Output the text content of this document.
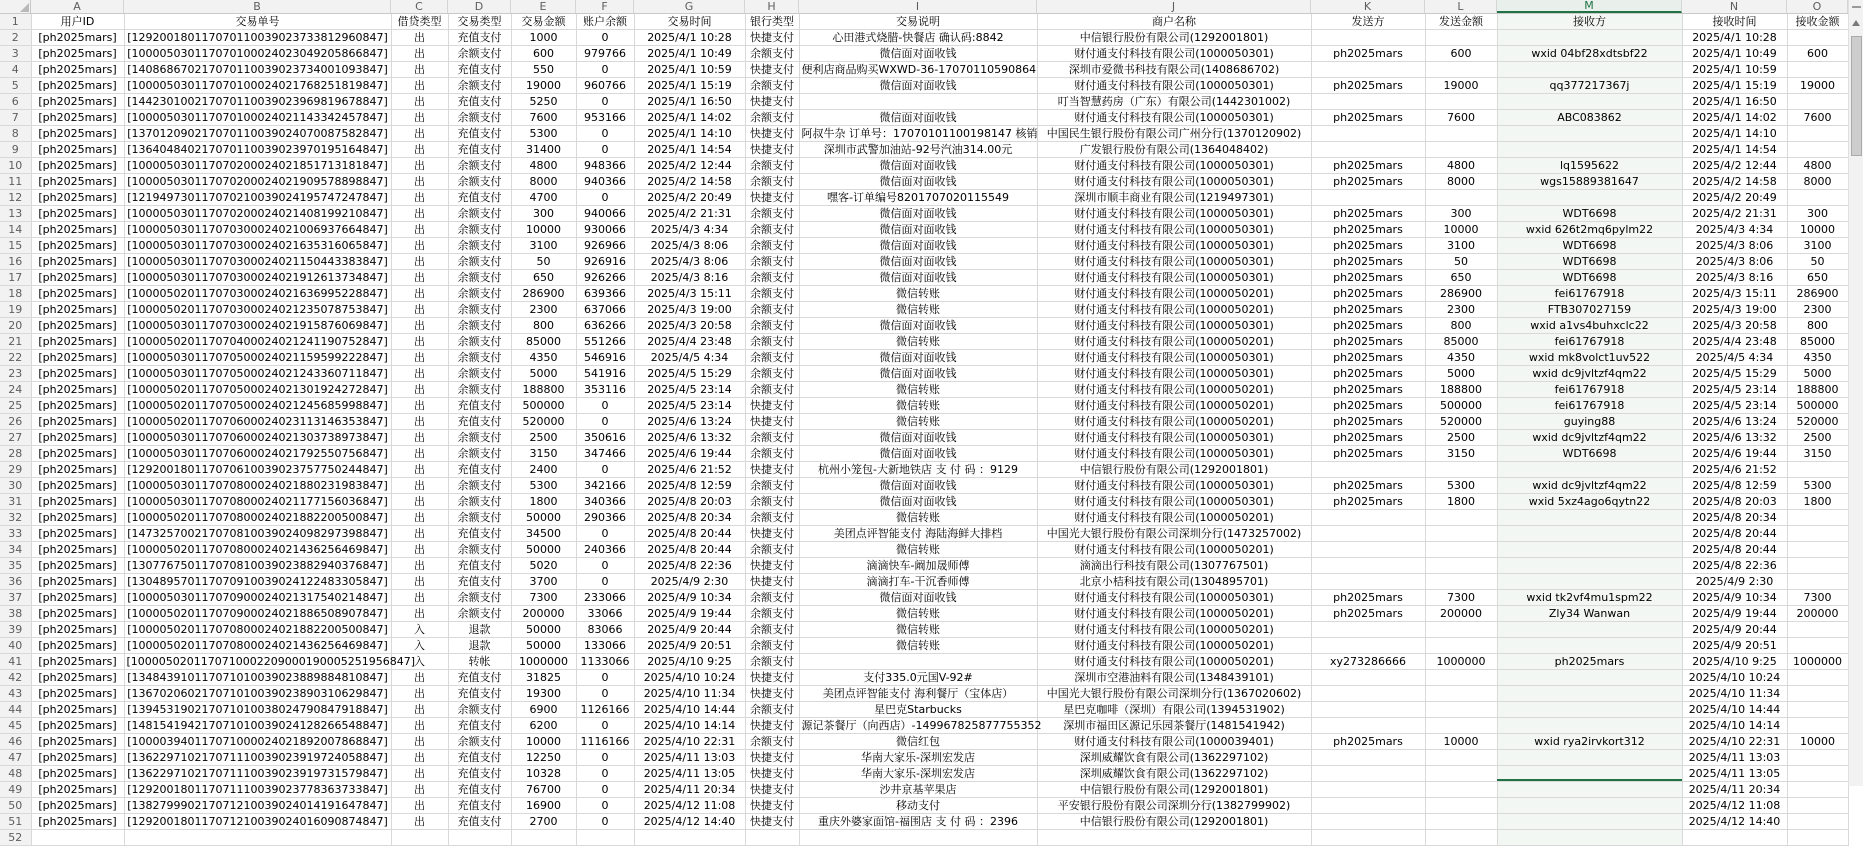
A	B	C	D	E	F	G	H	I	J	K	L	M	N	O
1	用户ID	交易单号	借贷类型	交易类型	交易金额	账户余额	交易时间	银行类型	交易说明	商户名称	发送方	发送金额	接收方	接收时间	接收金额
2	[ph2025mars]	[129200180117070110039023733812960847]	出	充值支付	1000	0	2025/4/1 10:28	快捷支付	心田港式烧腊-快餐店 确认码:8842	中信银行股份有限公司(1292001801)				2025/4/1 10:28	
3	[ph2025mars]	[100005030117070100024023049205866847]	出	余额支付	600	979766	2025/4/1 10:49	余额支付	微信面对面收钱	财付通支付科技有限公司(1000050301)	ph2025mars	600	wxid 04bf28xdtsbf22	2025/4/1 10:49	600
4	[ph2025mars]	[140868670217070110039023734001093847]	出	充值支付	550	0	2025/4/1 10:59	快捷支付	便利店商品购买WXWD-36-17070110590864	深圳市爱微书科技有限公司(1408686702)				2025/4/1 10:59	
5	[ph2025mars]	[100005030117070100024021768251819847]	出	余额支付	19000	960766	2025/4/1 15:19	余额支付	微信面对面收钱	财付通支付科技有限公司(1000050301)	ph2025mars	19000	qq377217367j	2025/4/1 15:19	19000
6	[ph2025mars]	[144230100217070110039023969819678847]	出	充值支付	5250	0	2025/4/1 16:50	快捷支付		叮当智慧药房（广东）有限公司(1442301002)				2025/4/1 16:50	
7	[ph2025mars]	[100005030117070100024021143342457847]	出	余额支付	7600	953166	2025/4/1 14:02	余额支付	微信面对面收钱	财付通支付科技有限公司(1000050301)	ph2025mars	7600	ABC083862	2025/4/1 14:02	7600
8	[ph2025mars]	[137012090217070110039024070087582847]	出	充值支付	5300	0	2025/4/1 14:10	快捷支付	阿叔牛杂 订单号：17070101100198147 核销	中国民生银行股份有限公司广州分行(1370120902)				2025/4/1 14:10	
9	[ph2025mars]	[136404840217070110039023970195164847]	出	充值支付	31400	0	2025/4/1 14:54	快捷支付	深圳市武警加油站-92号汽油314.00元	广发银行股份有限公司(1364048402)				2025/4/1 14:54	
10	[ph2025mars]	[100005030117070200024021851713181847]	出	余额支付	4800	948366	2025/4/2 12:44	余额支付	微信面对面收钱	财付通支付科技有限公司(1000050301)	ph2025mars	4800	lq1595622	2025/4/2 12:44	4800
11	[ph2025mars]	[100005030117070200024021909578898847]	出	余额支付	8000	940366	2025/4/2 14:58	余额支付	微信面对面收钱	财付通支付科技有限公司(1000050301)	ph2025mars	8000	wgs15889381647	2025/4/2 14:58	8000
12	[ph2025mars]	[121949730117070210039024195747247847]	出	充值支付	4700	0	2025/4/2 20:49	快捷支付	嘿客-订单编号8201707020115549	深圳市顺丰商业有限公司(1219497301)				2025/4/2 20:49	
13	[ph2025mars]	[100005030117070200024021408199210847]	出	余额支付	300	940066	2025/4/2 21:31	余额支付	微信面对面收钱	财付通支付科技有限公司(1000050301)	ph2025mars	300	WDT6698	2025/4/2 21:31	300
14	[ph2025mars]	[100005030117070300024021006937664847]	出	余额支付	10000	930066	2025/4/3 4:34	余额支付	微信面对面收钱	财付通支付科技有限公司(1000050301)	ph2025mars	10000	wxid 626t2mq6pylm22	2025/4/3 4:34	10000
15	[ph2025mars]	[100005030117070300024021635316065847]	出	余额支付	3100	926966	2025/4/3 8:06	余额支付	微信面对面收钱	财付通支付科技有限公司(1000050301)	ph2025mars	3100	WDT6698	2025/4/3 8:06	3100
16	[ph2025mars]	[100005030117070300024021150443383847]	出	余额支付	50	926916	2025/4/3 8:06	余额支付	微信面对面收钱	财付通支付科技有限公司(1000050301)	ph2025mars	50	WDT6698	2025/4/3 8:06	50
17	[ph2025mars]	[100005030117070300024021912613734847]	出	余额支付	650	926266	2025/4/3 8:16	余额支付	微信面对面收钱	财付通支付科技有限公司(1000050301)	ph2025mars	650	WDT6698	2025/4/3 8:16	650
18	[ph2025mars]	[100005020117070300024021636995228847]	出	余额支付	286900	639366	2025/4/3 15:11	余额支付	微信转账	财付通支付科技有限公司(1000050201)	ph2025mars	286900	fei61767918	2025/4/3 15:11	286900
19	[ph2025mars]	[100005020117070300024021235078753847]	出	余额支付	2300	637066	2025/4/3 19:00	余额支付	微信转账	财付通支付科技有限公司(1000050201)	ph2025mars	2300	FTB307027159	2025/4/3 19:00	2300
20	[ph2025mars]	[100005030117070300024021915876069847]	出	余额支付	800	636266	2025/4/3 20:58	余额支付	微信面对面收钱	财付通支付科技有限公司(1000050301)	ph2025mars	800	wxid a1vs4buhxclc22	2025/4/3 20:58	800
21	[ph2025mars]	[100005020117070400024021241190752847]	出	余额支付	85000	551266	2025/4/4 23:48	余额支付	微信转账	财付通支付科技有限公司(1000050201)	ph2025mars	85000	fei61767918	2025/4/4 23:48	85000
22	[ph2025mars]	[100005030117070500024021159599222847]	出	余额支付	4350	546916	2025/4/5 4:34	余额支付	微信面对面收钱	财付通支付科技有限公司(1000050301)	ph2025mars	4350	wxid mk8volct1uv522	2025/4/5 4:34	4350
23	[ph2025mars]	[100005030117070500024021243360711847]	出	余额支付	5000	541916	2025/4/5 15:29	余额支付	微信面对面收钱	财付通支付科技有限公司(1000050301)	ph2025mars	5000	wxid dc9jvltzf4qm22	2025/4/5 15:29	5000
24	[ph2025mars]	[100005020117070500024021301924272847]	出	余额支付	188800	353116	2025/4/5 23:14	余额支付	微信转账	财付通支付科技有限公司(1000050201)	ph2025mars	188800	fei61767918	2025/4/5 23:14	188800
25	[ph2025mars]	[100005020117070500024021245685998847]	出	充值支付	500000	0	2025/4/5 23:14	快捷支付	微信转账	财付通支付科技有限公司(1000050201)	ph2025mars	500000	fei61767918	2025/4/5 23:14	500000
26	[ph2025mars]	[100005020117070600024023113146353847]	出	充值支付	520000	0	2025/4/6 13:24	快捷支付	微信转账	财付通支付科技有限公司(1000050201)	ph2025mars	520000	guying88	2025/4/6 13:24	520000
27	[ph2025mars]	[100005030117070600024021303738973847]	出	余额支付	2500	350616	2025/4/6 13:32	余额支付	微信面对面收钱	财付通支付科技有限公司(1000050301)	ph2025mars	2500	wxid dc9jvltzf4qm22	2025/4/6 13:32	2500
28	[ph2025mars]	[100005030117070600024021792550756847]	出	余额支付	3150	347466	2025/4/6 19:44	余额支付	微信面对面收钱	财付通支付科技有限公司(1000050301)	ph2025mars	3150	WDT6698	2025/4/6 19:44	3150
29	[ph2025mars]	[129200180117070610039023757750244847]	出	充值支付	2400	0	2025/4/6 21:52	快捷支付	杭州小笼包-大新地铁店 支 付 码 ：9129	中信银行股份有限公司(1292001801)				2025/4/6 21:52	
30	[ph2025mars]	[100005030117070800024021880231983847]	出	余额支付	5300	342166	2025/4/8 12:59	余额支付	微信面对面收钱	财付通支付科技有限公司(1000050301)	ph2025mars	5300	wxid dc9jvltzf4qm22	2025/4/8 12:59	5300
31	[ph2025mars]	[100005030117070800024021177156036847]	出	余额支付	1800	340366	2025/4/8 20:03	余额支付	微信面对面收钱	财付通支付科技有限公司(1000050301)	ph2025mars	1800	wxid 5xz4ago6qytn22	2025/4/8 20:03	1800
32	[ph2025mars]	[100005020117070800024021882200500847]	出	余额支付	50000	290366	2025/4/8 20:34	余额支付	微信转账	财付通支付科技有限公司(1000050201)				2025/4/8 20:34	
33	[ph2025mars]	[147325700217070810039024098297398847]	出	充值支付	34500	0	2025/4/8 20:44	快捷支付	美团点评智能支付 海陆海鲜大排档	中国光大银行股份有限公司深圳分行(1473257002)				2025/4/8 20:44	
34	[ph2025mars]	[100005020117070800024021436256469847]	出	余额支付	50000	240366	2025/4/8 20:44	余额支付	微信转账	财付通支付科技有限公司(1000050201)				2025/4/8 20:44	
35	[ph2025mars]	[130776750117070810039023882940376847]	出	充值支付	5020	0	2025/4/8 22:36	快捷支付	滴滴快车-阚加晟师傅	滴滴出行科技有限公司(1307767501)				2025/4/8 22:36	
36	[ph2025mars]	[130489570117070910039024122483305847]	出	充值支付	3700	0	2025/4/9 2:30	快捷支付	滴滴打车-干沉香师傅	北京小桔科技有限公司(1304895701)				2025/4/9 2:30	
37	[ph2025mars]	[100005030117070900024021317540214847]	出	余额支付	7300	233066	2025/4/9 10:34	余额支付	微信面对面收钱	财付通支付科技有限公司(1000050301)	ph2025mars	7300	wxid tk2vf4mu1spm22	2025/4/9 10:34	7300
38	[ph2025mars]	[100005020117070900024021886508907847]	出	余额支付	200000	33066	2025/4/9 19:44	余额支付	微信转账	财付通支付科技有限公司(1000050201)	ph2025mars	200000	Zly34 Wanwan	2025/4/9 19:44	200000
39	[ph2025mars]	[100005020117070800024021882200500847]	入	退款	50000	83066	2025/4/9 20:44	余额支付	微信转账	财付通支付科技有限公司(1000050201)				2025/4/9 20:44	
40	[ph2025mars]	[100005020117070800024021436256469847]	入	退款	50000	133066	2025/4/9 20:51	余额支付	微信转账	财付通支付科技有限公司(1000050201)				2025/4/9 20:51	
41	[ph2025mars]	[1000050201170710002209000190005251956847]	入	转帐	1000000	1133066	2025/4/10 9:25	余额支付		财付通支付科技有限公司(1000050201)	xy273286666	1000000	ph2025mars	2025/4/10 9:25	1000000
42	[ph2025mars]	[134843910117071010039023889884810847]	出	充值支付	31825	0	2025/4/10 10:24	快捷支付	支付335.0元国V-92#	深圳市空港油料有限公司(1348439101)				2025/4/10 10:24	
43	[ph2025mars]	[136702060217071010039023890310629847]	出	充值支付	19300	0	2025/4/10 11:34	快捷支付	美团点评智能支付 海利餐厅（宝体店）	中国光大银行股份有限公司深圳分行(1367020602)				2025/4/10 11:34	
44	[ph2025mars]	[139453190217071010038024790847918847]	出	余额支付	6900	1126166	2025/4/10 14:44	余额支付	星巴克Starbucks	星巴克咖啡（深圳）有限公司(1394531902)				2025/4/10 14:44	
45	[ph2025mars]	[148154194217071010039024128266548847]	出	充值支付	6200	0	2025/4/10 14:14	快捷支付	源记茶餐厅（向西店）-149967825877755352	深圳市福田区源记乐园茶餐厅(1481541942)				2025/4/10 14:14	
46	[ph2025mars]	[100003940117071000024021892007868847]	出	余额支付	10000	1116166	2025/4/10 22:31	余额支付	微信红包	财付通支付科技有限公司(1000039401)	ph2025mars	10000	wxid rya2irvkort312	2025/4/10 22:31	10000
47	[ph2025mars]	[136229710217071110039023919724058847]	出	充值支付	12250	0	2025/4/11 13:03	快捷支付	华南大家乐-深圳宏发店	深圳威耀饮食有限公司(1362297102)				2025/4/11 13:03	
48	[ph2025mars]	[136229710217071110039023919731579847]	出	充值支付	10328	0	2025/4/11 13:05	快捷支付	华南大家乐-深圳宏发店	深圳威耀饮食有限公司(1362297102)				2025/4/11 13:05	
49	[ph2025mars]	[129200180117071110039023778363733847]	出	充值支付	76700	0	2025/4/11 20:34	快捷支付	沙井京基苹果店	中信银行股份有限公司(1292001801)				2025/4/11 20:34	
50	[ph2025mars]	[138279990217071210039024014191647847]	出	充值支付	16900	0	2025/4/12 11:08	快捷支付	移动支付	平安银行股份有限公司深圳分行(1382799902)				2025/4/12 11:08	
51	[ph2025mars]	[129200180117071210039024016090874847]	出	充值支付	2700	0	2025/4/12 14:40	快捷支付	重庆外婆家面馆-福围店 支 付 码 ：2396	中信银行股份有限公司(1292001801)				2025/4/12 14:40	
52															
